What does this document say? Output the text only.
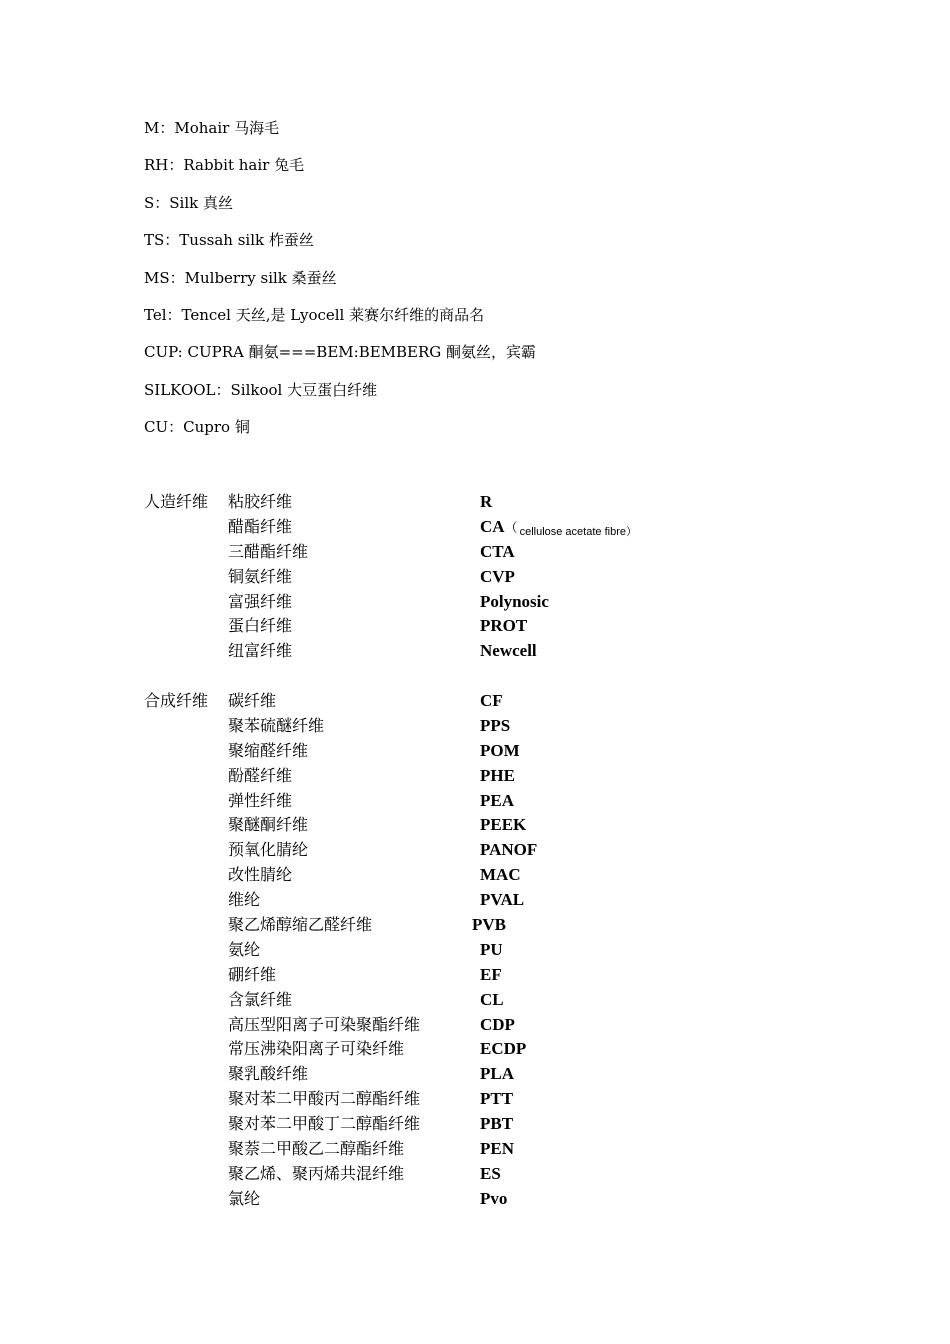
M：Mohair 马海毛
RH：Rabbit hair 兔毛
S：Silk 真丝
TS：Tussah silk 柞蚕丝
MS：Mulberry silk 桑蚕丝
Tel：Tencel 天丝,是 Lyocell 莱赛尔纤维的商品名
CUP: CUPRA 酮氨===BEM:BEMBERG 酮氨丝，宾霸
SILKOOL：Silkool 大豆蛋白纤维
CU：Cupro 铜
人造纤维 粘胶纤维	R
醋酯纤维	CA（ cellulose acetate fibre）
三醋酯纤维	CTA
铜氨纤维	CVP
富强纤维	Polynosic
蛋白纤维	PROT
纽富纤维	Newcell
合成纤维 碳纤维	CF
聚苯硫醚纤维	PPS
聚缩醛纤维	POM
酚醛纤维	PHE
弹性纤维	PEA
聚醚酮纤维	PEEK
预氧化腈纶	PANOF
改性腈纶	MAC
维纶	PVAL
聚乙烯醇缩乙醛纤维	PVB
氨纶	PU
硼纤维	EF
含氯纤维	CL
高压型阳离子可染聚酯纤维	CDP
常压沸染阳离子可染纤维	ECDP
聚乳酸纤维	PLA
聚对苯二甲酸丙二醇酯纤维	PTT
聚对苯二甲酸丁二醇酯纤维	PBT
聚萘二甲酸乙二醇酯纤维	PEN
聚乙烯、聚丙烯共混纤维	ES
氯纶	Pvo
